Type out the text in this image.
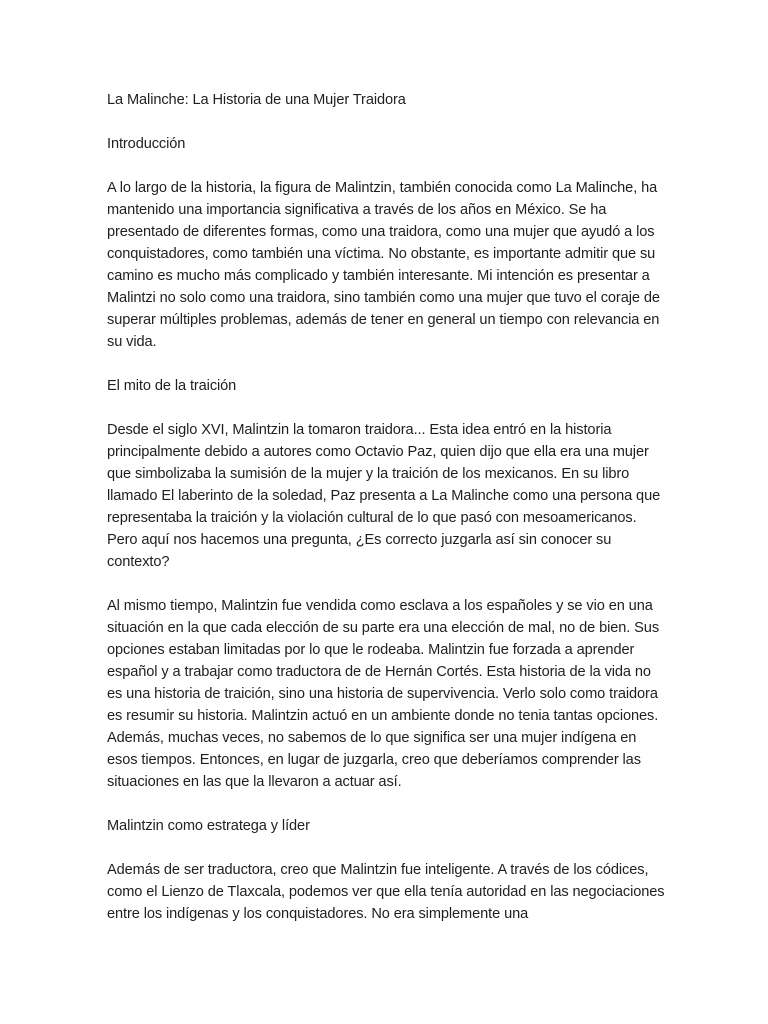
La Malinche: La Historia de una Mujer Traidora

Introducción

A lo largo de la historia, la figura de Malintzin, también conocida como La Malinche, ha mantenido una importancia significativa a través de los años en México. Se ha presentado de diferentes formas, como una traidora, como una mujer que ayudó a los conquistadores, como también una víctima. No obstante, es importante admitir que su camino es mucho más complicado y también interesante. Mi intención es presentar a Malintzi no solo como una traidora, sino también como una mujer que tuvo el coraje de superar múltiples problemas, además de tener en general un tiempo con relevancia en su vida.

El mito de la traición

Desde el siglo XVI, Malintzin la tomaron traidora... Esta idea entró en la historia principalmente debido a autores como Octavio Paz, quien dijo que ella era una mujer que simbolizaba la sumisión de la mujer y la traición de los mexicanos. En su libro llamado El laberinto de la soledad, Paz presenta a La Malinche como una persona que representaba la traición y la violación cultural de lo que pasó con mesoamericanos. Pero aquí nos hacemos una pregunta, ¿Es correcto juzgarla así sin conocer su contexto?

Al mismo tiempo, Malintzin fue vendida como esclava a los españoles y se vio en una situación en la que cada elección de su parte era una elección de mal, no de bien. Sus opciones estaban limitadas por lo que le rodeaba. Malintzin fue forzada a aprender español y a trabajar como traductora de de Hernán Cortés. Esta historia de la vida no es una historia de traición, sino una historia de supervivencia. Verlo solo como traidora es resumir su historia. Malintzin actuó en un ambiente donde no tenia tantas opciones. Además, muchas veces, no sabemos de lo que significa ser una mujer indígena en esos tiempos. Entonces, en lugar de juzgarla, creo que deberíamos comprender las situaciones en las que la llevaron a actuar así.

Malintzin como estratega y líder

Además de ser traductora, creo que Malintzin fue inteligente. A través de los códices, como el Lienzo de Tlaxcala, podemos ver que ella tenía autoridad en las negociaciones entre los indígenas y los conquistadores. No era simplemente una
